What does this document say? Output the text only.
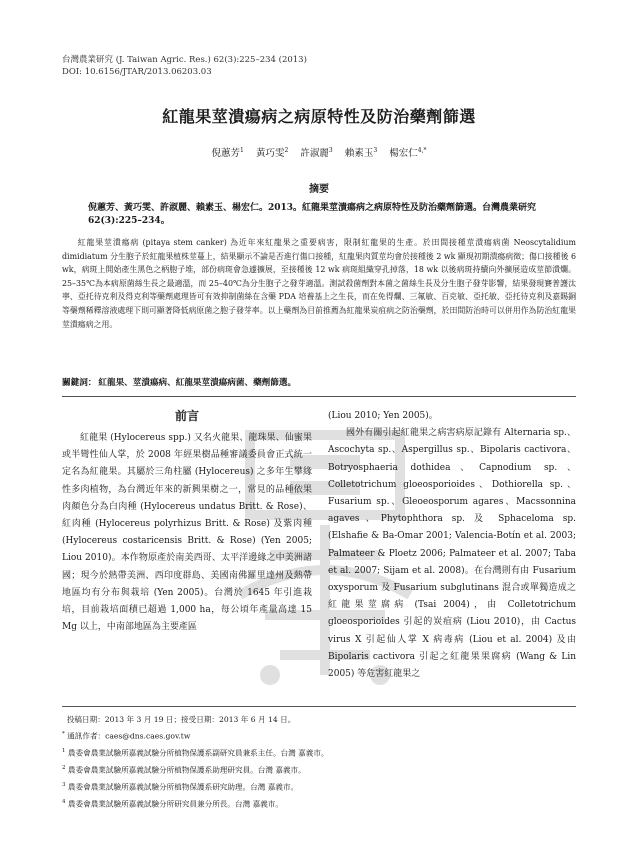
台灣農業研究 (J. Taiwan Agric. Res.) 62(3):225–234 (2013)
DOI: 10.6156/JTAR/2013.06203.03
紅龍果莖潰瘍病之病原特性及防治藥劑篩選
倪蕙芳$^1$ 黃巧雯$^2$ 許淑麗$^3$ 賴素玉$^3$ 楊宏仁$^{4,*}$
摘要
倪蕙芳、黃巧雯、許淑麗、賴素玉、楊宏仁。2013。紅龍果莖潰瘍病之病原特性及防治藥劑篩選。台灣農業研究 62(3):225–234。
紅龍果莖潰瘍病 (pitaya stem canker) 為近年來紅龍果之重要病害，限制紅龍果的生產。於田間接種莖潰瘍病菌 Neoscytalidium dimidiatum 分生胞子於紅龍果植株莖蔓上，結果顯示不論是否進行傷口接種，紅龍果肉質莖均會於接種後 2 wk 顯現初期潰瘍病徵；傷口接種後 6 wk，病斑上開始產生黑色之柄胞子堆，部份病斑會急遽擴展，至接種後 12 wk 病斑組織穿孔掉落，18 wk 以後病斑持續向外擴展造成莖節潰爛。25–35℃為本病原菌絲生長之最適溫，而 25–40℃為分生胞子之發芽適溫。測試殺菌劑對本菌之菌絲生長及分生胞子發芽影響，結果發現賽普護汰寧、亞托待克利及得克利等藥劑處理皆可有效抑制菌絲在含藥 PDA 培養基上之生長，而在免得爛、三氟敏、百克敏、亞托敏、亞托待克利及嘉賜銅等藥劑稀釋溶液處理下則可顯著降低病原菌之胞子發芽率。以上藥劑為目前推薦為紅龍果炭疽病之防治藥劑，於田間防治時可以併用作為防治紅龍果莖潰瘍病之用。
關鍵詞： 紅龍果、莖潰瘍病、紅龍果莖潰瘍病菌、藥劑篩選。
前言

紅龍果 (Hylocereus spp.) 又名火龍果、龍珠果、仙蜜果或半彎性仙人掌，於 2008 年經果樹品種審議委員會正式統一定名為紅龍果。其屬於三角柱屬 (Hylocereus) 之多年生攀緣性多肉植物，為台灣近年來的新興果樹之一，常見的品種依果肉顏色分為白肉種 (Hylocereus undatus Britt. & Rose)、紅肉種 (Hylocereus polyrhizus Britt. & Rose) 及紫肉種 (Hylocereus costaricensis Britt. & Rose) (Yen 2005; Liou 2010)。本作物原產於南美西哥、太平洋邊緣之中美洲諸國；現今於熱帶美洲、西印度群島、美國南佛羅里達州及熱帶地區均有分布與栽培 (Yen 2005)。台灣於 1645 年引進栽培，目前栽培面積已超過 1,000 ha，每公頃年產量高達 15 Mg 以上，中南部地區為主要產區

(Liou 2010; Yen 2005)。

國外有關引起紅龍果之病害病原記錄有 Alternaria sp.、Ascochyta sp.、Aspergillus sp.、Bipolaris cactivora、Botryosphaeria dothidea、Capnodium sp.、Colletotrichum gloeosporioides、Dothiorella sp.、Fusarium sp.、Gleoeosporum agares、Macssonnina agaves、Phytophthora sp. 及 Sphaceloma sp. (Elshafie & Ba-Omar 2001; Valencia-Botín et al. 2003; Palmateer & Ploetz 2006; Palmateer et al. 2007; Taba et al. 2007; Sijam et al. 2008)。在台灣則有由 Fusarium oxysporum 及 Fusarium subglutinans 混合或單獨造成之紅龍果莖腐病 (Tsai 2004)，由 Colletotrichum gloeosporioides 引起的炭疽病 (Liou 2010)，由 Cactus virus X 引起仙人掌 X 病毒病 (Liou et al. 2004) 及由 Bipolaris cactivora 引起之紅龍果果腐病 (Wang & Lin 2005) 等危害紅龍果之

投稿日期：2013 年 3 月 19 日；接受日期：2013 年 6 月 14 日。
* 通訊作者：caes@dns.caes.gov.tw
$^1$ 農委會農業試驗所嘉義試驗分所植物保護系副研究員兼系主任。台灣 嘉義市。
$^2$ 農委會農業試驗所嘉義試驗分所植物保護系助理研究員。台灣 嘉義市。
$^3$ 農委會農業試驗所嘉義試驗分所植物保護系研究助理。台灣 嘉義市。
$^4$ 農委會農業試驗所嘉義試驗分所研究員兼分所長。台灣 嘉義市。
